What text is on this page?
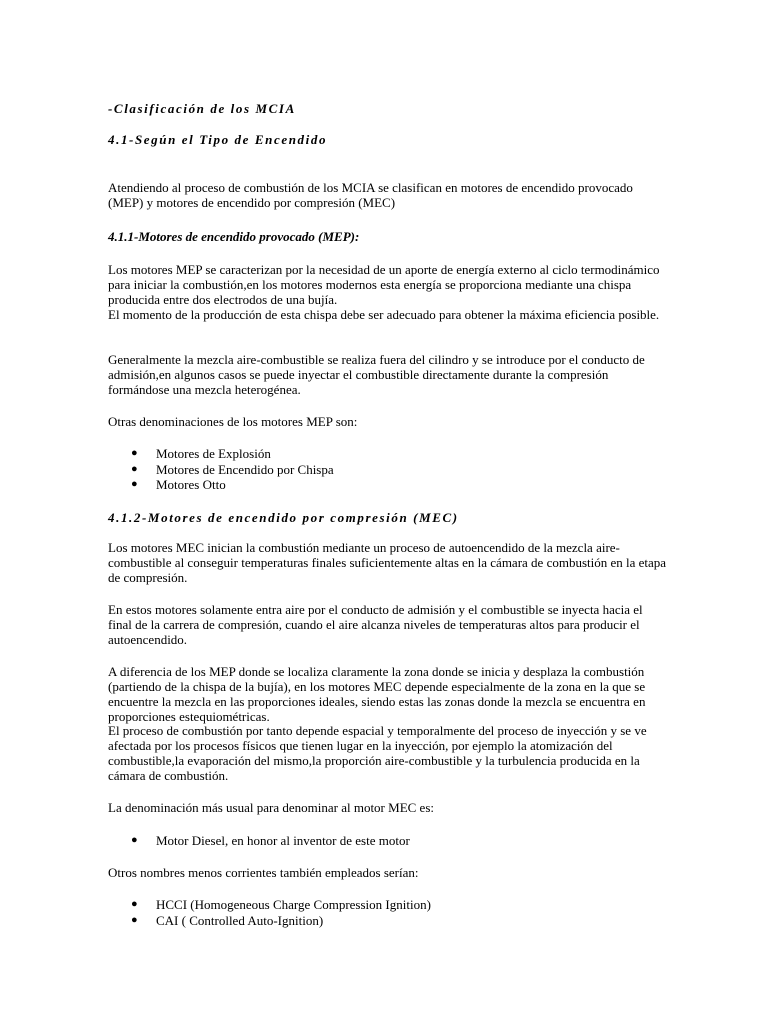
-Clasificación de los MCIA
4.1-Según el Tipo de Encendido

Atendiendo al proceso de combustión de los MCIA se clasifican en motores de encendido provocado (MEP) y motores de encendido por compresión (MEC)

4.1.1-Motores de encendido provocado (MEP):

Los motores MEP se caracterizan por la necesidad de un aporte de energía externo al ciclo termodinámico para iniciar la combustión,en los motores modernos esta energía se proporciona mediante una chispa producida entre dos electrodos de una bujía.

El momento de la producción de esta chispa debe ser adecuado para obtener la máxima eficiencia posible.

Generalmente la mezcla aire-combustible se realiza fuera del cilindro y se introduce por el conducto de admisión,en algunos casos se puede inyectar el combustible directamente durante la compresión formándose una mezcla heterogénea.

Otras denominaciones de los motores MEP son:

● Motores de Explosión
● Motores de Encendido por Chispa
● Motores Otto
4.1.2-Motores de encendido por compresión (MEC)

Los motores MEC inician la combustión mediante un proceso de autoencendido de la mezcla aire-combustible al conseguir temperaturas finales suficientemente altas en la cámara de combustión en la etapa de compresión.

En estos motores solamente entra aire por el conducto de admisión y el combustible se inyecta hacia el final de la carrera de compresión, cuando el aire alcanza niveles de temperaturas altos para producir el autoencendido.

A diferencia de los MEP donde se localiza claramente la zona donde se inicia y desplaza la combustión (partiendo de la chispa de la bujía), en los motores MEC depende especialmente de la zona en la que se encuentre la mezcla en las proporciones ideales, siendo estas las zonas donde la mezcla se encuentra en proporciones estequiométricas.

El proceso de combustión por tanto depende espacial y temporalmente del proceso de inyección y se ve afectada por los procesos físicos que tienen lugar en la inyección, por ejemplo la atomización del combustible,la evaporación del mismo,la proporción aire-combustible y la turbulencia producida en la cámara de combustión.

La denominación más usual para denominar al motor MEC es:

● Motor Diesel, en honor al inventor de este motor

Otros nombres menos corrientes también empleados serían:

● HCCI (Homogeneous Charge Compression Ignition)
● CAI ( Controlled Auto-Ignition)
